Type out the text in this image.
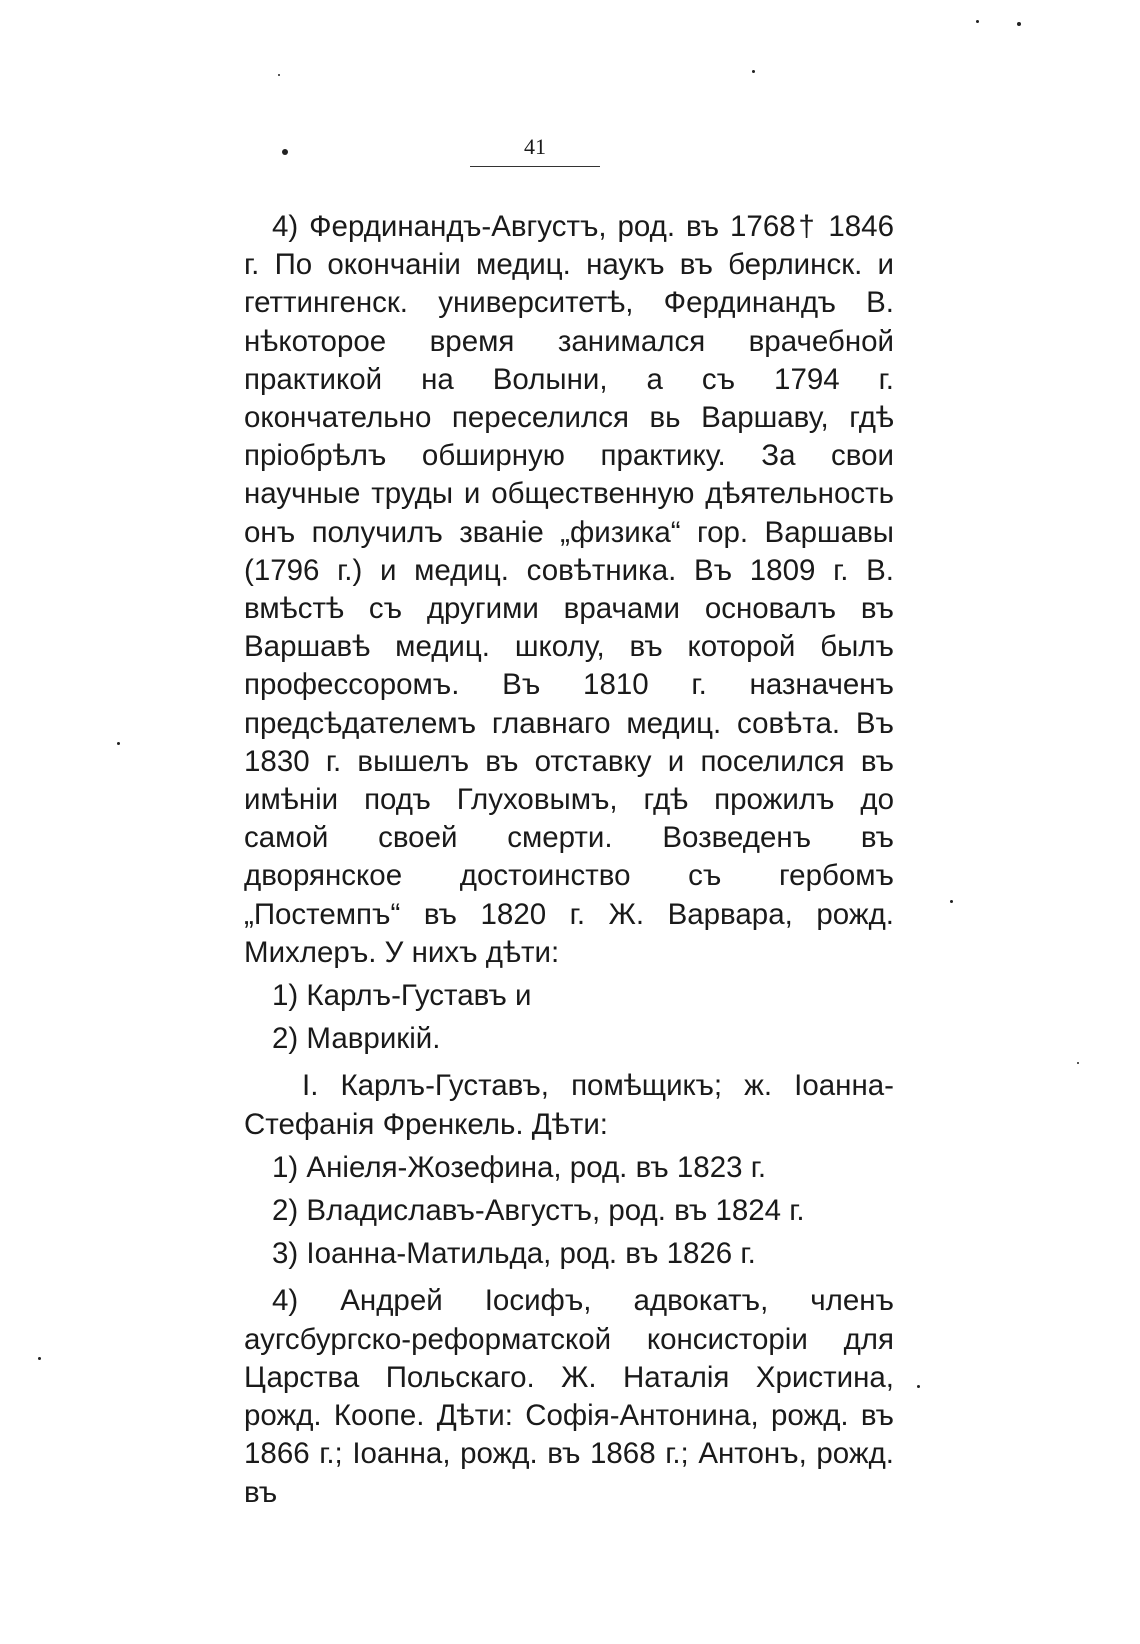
41

4) Фердинандъ-Августъ, род. въ 1768† 1846 г. По окончанiи медиц. наукъ въ берлинск. и геттингенск. университетѣ, Фердинандъ В. нѣкоторое время занимался врачебной практикой на Волыни, а съ 1794 г. окончательно переселился вь Варшаву, гдѣ прiобрѣлъ обширную практику. За свои научные труды и общественную дѣятельность онъ получилъ званiе „физика“ гор. Варшавы (1796 г.) и медиц. совѣтника. Въ 1809 г. В. вмѣстѣ съ другими врачами основалъ въ Варшавѣ медиц. школу, въ которой былъ профессоромъ. Въ 1810 г. назначенъ предсѣдателемъ главнаго медиц. совѣта. Въ 1830 г. вышелъ въ отставку и поселился въ имѣнiи подъ Глуховымъ, гдѣ прожилъ до самой своей смерти. Возведенъ въ дворянское достоинство съ гербомъ „Постемпъ“ въ 1820 г. Ж. Варвара, рожд. Михлеръ. У нихъ дѣти:

1) Карлъ-Густавъ и

2) Маврикiй.

I. Карлъ-Густавъ, помѣщикъ; ж. Iоанна-Стефанiя Френкель. Дѣти:

1) Анiеля-Жозефина, род. въ 1823 г.

2) Владиславъ-Августъ, род. въ 1824 г.

3) Iоанна-Матильда, род. въ 1826 г.

4) Андрей Iосифъ, адвокатъ, членъ аугсбургско-реформатской консисторiи для Царства Польскаго. Ж. Наталiя Христина, рожд. Коопе. Дѣти: Софiя-Антонина, рожд. въ 1866 г.; Iоанна, рожд. въ 1868 г.; Антонъ, рожд. въ
